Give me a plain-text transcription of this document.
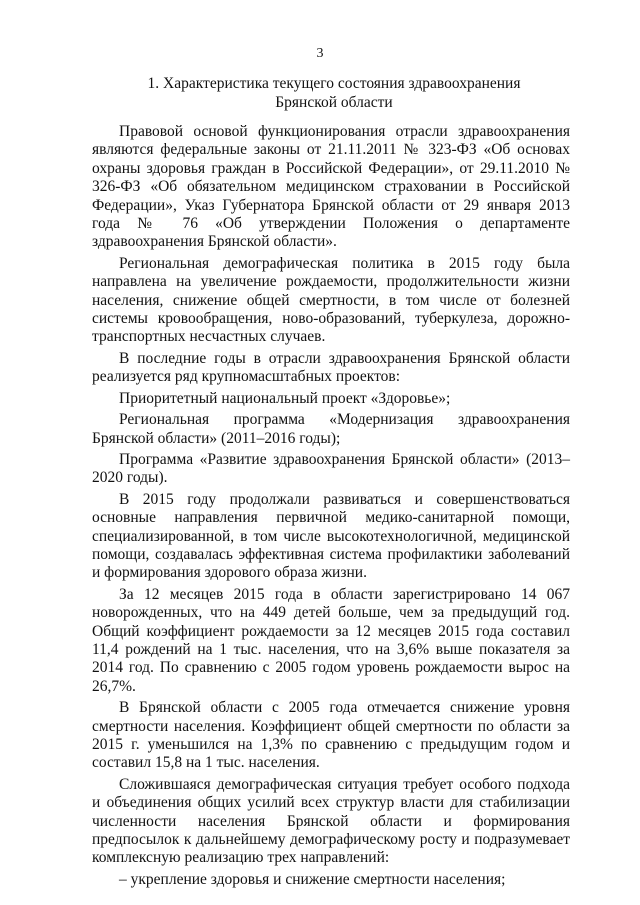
3
1. Характеристика текущего состояния здравоохранения
Брянской области

Правовой основой функционирования отрасли здравоохранения являются федеральные законы от 21.11.2011 № 323-ФЗ «Об основах охраны здоровья граждан в Российской Федерации», от 29.11.2010 № 326-ФЗ «Об обязательном медицинском страховании в Российской Федерации», Указ Губернатора Брянской области от 29 января 2013 года № 76 «Об утверждении Положения о департаменте здравоохранения Брянской области».

Региональная демографическая политика в 2015 году была направлена на увеличение рождаемости, продолжительности жизни населения, снижение общей смертности, в том числе от болезней системы кровообращения, ново-образований, туберкулеза, дорожно-транспортных несчастных случаев.

В последние годы в отрасли здравоохранения Брянской области реализуется ряд крупномасштабных проектов:

Приоритетный национальный проект «Здоровье»;

Региональная программа «Модернизация здравоохранения Брянской области» (2011–2016 годы);

Программа «Развитие здравоохранения Брянской области» (2013–2020 годы).

В 2015 году продолжали развиваться и совершенствоваться основные направления первичной медико-санитарной помощи, специализированной, в том числе высокотехнологичной, медицинской помощи, создавалась эффективная система профилактики заболеваний и формирования здорового образа жизни.

За 12 месяцев 2015 года в области зарегистрировано 14 067 новорожденных, что на 449 детей больше, чем за предыдущий год. Общий коэффициент рождаемости за 12 месяцев 2015 года составил 11,4 рождений на 1 тыс. населения, что на 3,6% выше показателя за 2014 год. По сравнению с 2005 годом уровень рождаемости вырос на 26,7%.

В Брянской области с 2005 года отмечается снижение уровня смертности населения. Коэффициент общей смертности по области за 2015 г. уменьшился на 1,3% по сравнению с предыдущим годом и составил 15,8 на 1 тыс. населения.

Сложившаяся демографическая ситуация требует особого подхода и объединения общих усилий всех структур власти для стабилизации численности населения Брянской области и формирования предпосылок к дальнейшему демографическому росту и подразумевает комплексную реализацию трех направлений:

– укрепление здоровья и снижение смертности населения;
